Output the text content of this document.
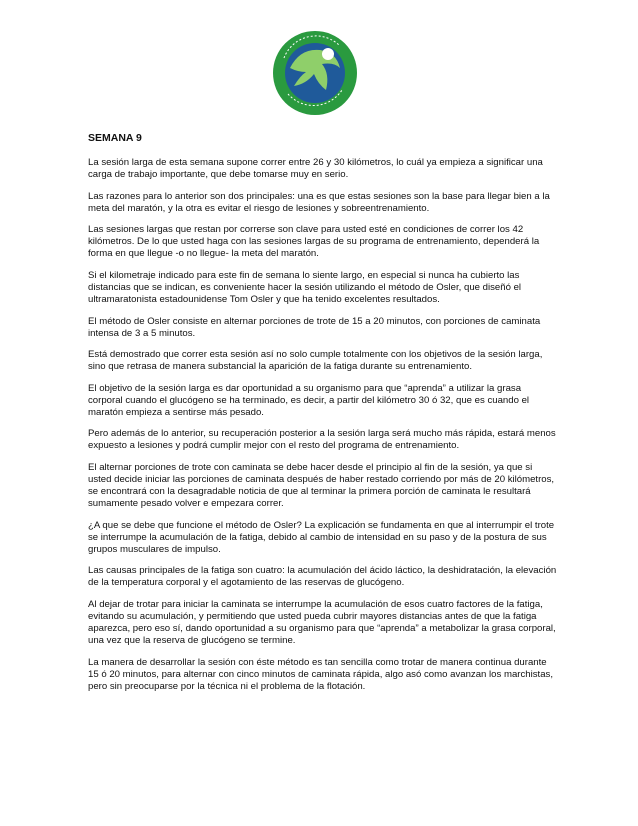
SEMANA 9

La sesión larga de esta semana supone correr entre 26 y 30 kilómetros, lo cuál ya empieza a significar una carga de trabajo importante, que debe tomarse muy en serio.

Las razones para lo anterior son dos principales: una es que estas sesiones son la base para llegar bien a la meta del maratón, y la otra es evitar el riesgo de lesiones y sobreentrenamiento.

Las sesiones largas que restan por correrse son clave para usted esté en condiciones de correr los 42 kilómetros. De lo que usted haga con las sesiones largas de su programa de entrenamiento, dependerá la forma en que llegue -o no llegue- la meta del maratón.

Si el kilometraje indicado para este fin de semana lo siente largo, en especial si nunca ha cubierto las distancias que se indican, es conveniente hacer la sesión utilizando el método de Osler, que diseñó el ultramaratonista estadounidense Tom Osler y que ha tenido excelentes resultados.

El método de Osler consiste en alternar porciones de trote de 15 a 20 minutos, con porciones de caminata intensa de 3 a 5 minutos.

Está demostrado que correr esta sesión así no solo cumple totalmente con los objetivos de la sesión larga, sino que retrasa de manera substancial la aparición de la fatiga durante su entrenamiento.

El objetivo de la sesión larga es dar oportunidad a su organismo para que “aprenda” a utilizar la grasa corporal cuando el glucógeno se ha terminado, es decir, a partir del kilómetro 30 ó 32, que es cuando el maratón empieza a sentirse más pesado.

Pero además de lo anterior, su recuperación posterior a la sesión larga será mucho más rápida, estará menos expuesto a lesiones y podrá cumplir mejor con el resto del programa de entrenamiento.

El alternar porciones de trote con caminata se debe hacer desde el principio al fin de la sesión, ya que si usted decide iniciar las porciones de caminata después de haber restado corriendo por más de 20 kilómetros, se encontrará con la desagradable noticia de que al terminar la primera porción de caminata le resultará sumamente pesado volver e empezara correr.

¿A que se debe que funcione el método de Osler? La explicación se fundamenta en que al interrumpir el trote se interrumpe la acumulación de la fatiga, debido al cambio de intensidad en su paso y de la postura de sus grupos musculares de impulso.

Las causas principales de la fatiga son cuatro: la acumulación del ácido láctico, la deshidratación, la elevación de la temperatura corporal y el agotamiento de las reservas de glucógeno.

Al dejar de trotar para iniciar la caminata se interrumpe la acumulación de esos cuatro factores de la fatiga, evitando su acumulación, y permitiendo que usted pueda cubrir mayores distancias antes de que la fatiga aparezca, pero eso sí, dando oportunidad a su organismo para que “aprenda” a metabolizar la grasa corporal, una vez que la reserva de glucógeno se termine.

La manera de desarrollar la sesión con éste método es tan sencilla como trotar de manera continua durante 15 ó 20 minutos, para alternar con cinco minutos de caminata rápida, algo asó como avanzan los marchistas, pero sin preocuparse por la técnica ni el problema de la flotación.
